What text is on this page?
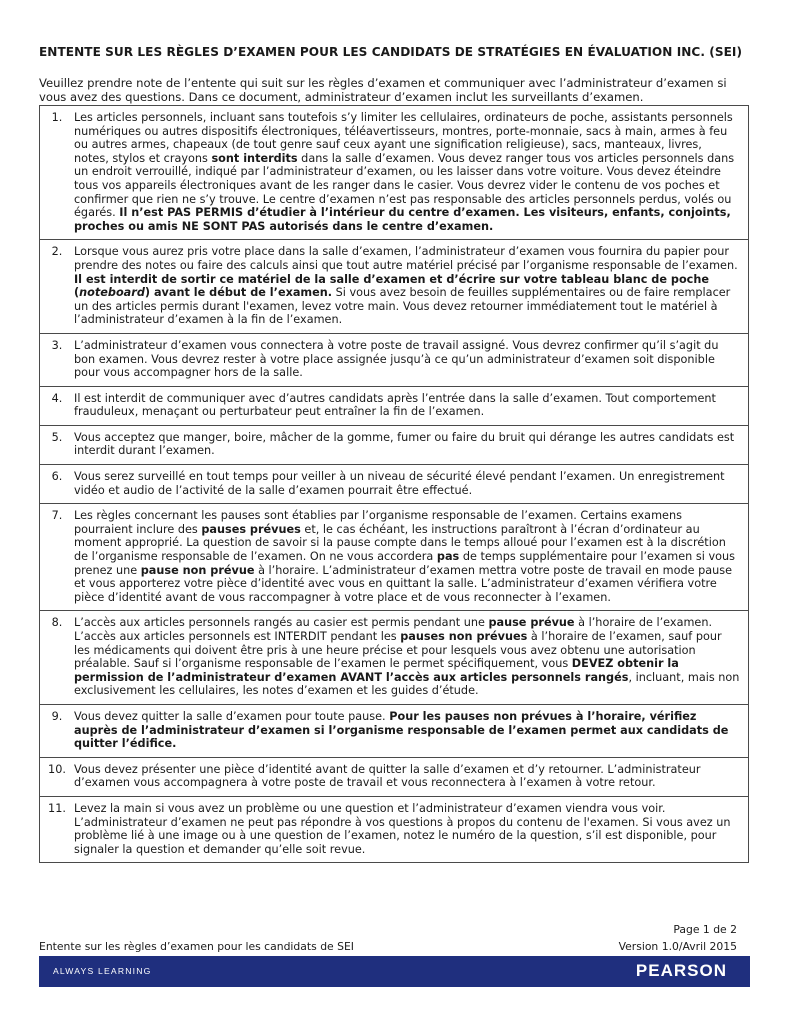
ENTENTE SUR LES RÈGLES D’EXAMEN POUR LES CANDIDATS DE STRATÉGIES EN ÉVALUATION INC. (SEI)
Veuillez prendre note de l’entente qui suit sur les règles d’examen et communiquer avec l’administrateur d’examen si vous avez des questions. Dans ce document, administrateur d’examen inclut les surveillants d’examen.
1.	Les articles personnels, incluant sans toutefois s’y limiter les cellulaires, ordinateurs de poche, assistants personnels numériques ou autres dispositifs électroniques, téléavertisseurs, montres, porte-monnaie, sacs à main, armes à feu ou autres armes, chapeaux (de tout genre sauf ceux ayant une signification religieuse), sacs, manteaux, livres, notes, stylos et crayons sont interdits dans la salle d’examen. Vous devez ranger tous vos articles personnels dans un endroit verrouillé, indiqué par l’administrateur d’examen, ou les laisser dans votre voiture. Vous devez éteindre tous vos appareils électroniques avant de les ranger dans le casier. Vous devrez vider le contenu de vos poches et confirmer que rien ne s’y trouve. Le centre d’examen n’est pas responsable des articles personnels perdus, volés ou égarés. Il n’est PAS PERMIS d’étudier à l’intérieur du centre d’examen. Les visiteurs, enfants, conjoints, proches ou amis NE SONT PAS autorisés dans le centre d’examen.

2.	Lorsque vous aurez pris votre place dans la salle d’examen, l’administrateur d’examen vous fournira du papier pour prendre des notes ou faire des calculs ainsi que tout autre matériel précisé par l’organisme responsable de l’examen. Il est interdit de sortir ce matériel de la salle d’examen et d’écrire sur votre tableau blanc de poche (noteboard) avant le début de l’examen. Si vous avez besoin de feuilles supplémentaires ou de faire remplacer un des articles permis durant l'examen, levez votre main. Vous devez retourner immédiatement tout le matériel à l’administrateur d’examen à la fin de l’examen.

3.	L’administrateur d’examen vous connectera à votre poste de travail assigné. Vous devrez confirmer qu’il s’agit du bon examen. Vous devrez rester à votre place assignée jusqu’à ce qu’un administrateur d’examen soit disponible pour vous accompagner hors de la salle.

4.	Il est interdit de communiquer avec d’autres candidats après l’entrée dans la salle d’examen. Tout comportement frauduleux, menaçant ou perturbateur peut entraîner la fin de l’examen.

5.	Vous acceptez que manger, boire, mâcher de la gomme, fumer ou faire du bruit qui dérange les autres candidats est interdit durant l’examen.

6.	Vous serez surveillé en tout temps pour veiller à un niveau de sécurité élevé pendant l’examen. Un enregistrement vidéo et audio de l’activité de la salle d’examen pourrait être effectué.

7.	Les règles concernant les pauses sont établies par l’organisme responsable de l’examen. Certains examens pourraient inclure des pauses prévues et, le cas échéant, les instructions paraîtront à l’écran d’ordinateur au moment approprié. La question de savoir si la pause compte dans le temps alloué pour l’examen est à la discrétion de l’organisme responsable de l’examen. On ne vous accordera pas de temps supplémentaire pour l’examen si vous prenez une pause non prévue à l’horaire. L’administrateur d’examen mettra votre poste de travail en mode pause et vous apporterez votre pièce d’identité avec vous en quittant la salle. L’administrateur d’examen vérifiera votre pièce d’identité avant de vous raccompagner à votre place et de vous reconnecter à l’examen.

8.	L’accès aux articles personnels rangés au casier est permis pendant une pause prévue à l’horaire de l’examen. L’accès aux articles personnels est INTERDIT pendant les pauses non prévues à l’horaire de l’examen, sauf pour les médicaments qui doivent être pris à une heure précise et pour lesquels vous avez obtenu une autorisation préalable. Sauf si l’organisme responsable de l’examen le permet spécifiquement, vous DEVEZ obtenir la permission de l’administrateur d’examen AVANT l’accès aux articles personnels rangés, incluant, mais non exclusivement les cellulaires, les notes d’examen et les guides d’étude.

9.	Vous devez quitter la salle d’examen pour toute pause. Pour les pauses non prévues à l’horaire, vérifiez auprès de l’administrateur d’examen si l’organisme responsable de l’examen permet aux candidats de quitter l’édifice.

10.	Vous devez présenter une pièce d’identité avant de quitter la salle d’examen et d’y retourner. L’administrateur d’examen vous accompagnera à votre poste de travail et vous reconnectera à l’examen à votre retour.

11.	Levez la main si vous avez un problème ou une question et l’administrateur d’examen viendra vous voir. L’administrateur d’examen ne peut pas répondre à vos questions à propos du contenu de l'examen. Si vous avez un problème lié à une image ou à une question de l’examen, notez le numéro de la question, s’il est disponible, pour signaler la question et demander qu’elle soit revue.

Page 1 de 2
Entente sur les règles d’examen pour les candidats de SEI	Version 1.0/Avril 2015
ALWAYS LEARNING	PEARSON
